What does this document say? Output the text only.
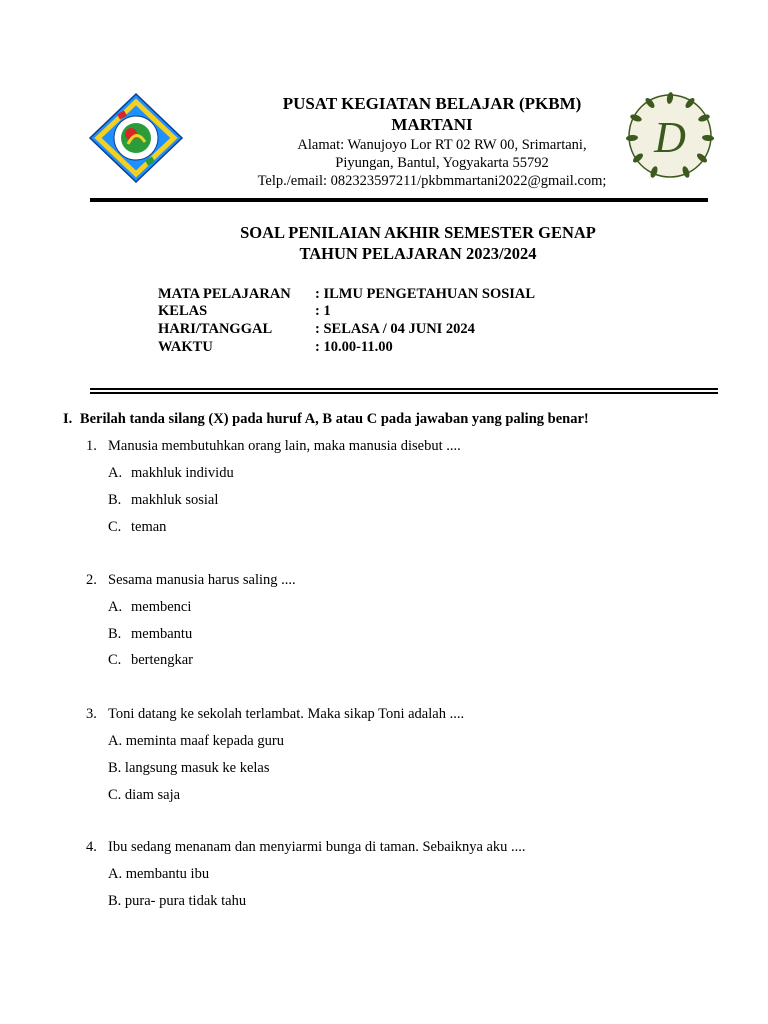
PUSAT KEGIATAN BELAJAR (PKBM)
MARTANI
Alamat: Wanujoyo Lor RT 02 RW 00, Srimartani,
Piyungan, Bantul, Yogyakarta 55792
Telp./email: 082323597211/pkbmmartani2022@gmail.com;
D
SOAL PENILAIAN AKHIR SEMESTER GENAP
TAHUN PELAJARAN 2023/2024
MATA PELAJARAN : ILMU PENGETAHUAN SOSIAL
KELAS	: 1
HARI/TANGGAL	: SELASA / 04 JUNI 2024
WAKTU	: 10.00-11.00
I. Berilah tanda silang (X) pada huruf A, B atau C pada jawaban yang paling benar!
1. Manusia membutuhkan orang lain, maka manusia disebut ....
A. makhluk individu
B. makhluk sosial
C. teman
2. Sesama manusia harus saling ....
A. membenci
B. membantu
C. bertengkar
3. Toni datang ke sekolah terlambat. Maka sikap Toni adalah ....
A. meminta maaf kepada guru
B. langsung masuk ke kelas
C. diam saja
4. Ibu sedang menanam dan menyiarmi bunga di taman. Sebaiknya aku ....
A. membantu ibu
B. pura- pura tidak tahu
